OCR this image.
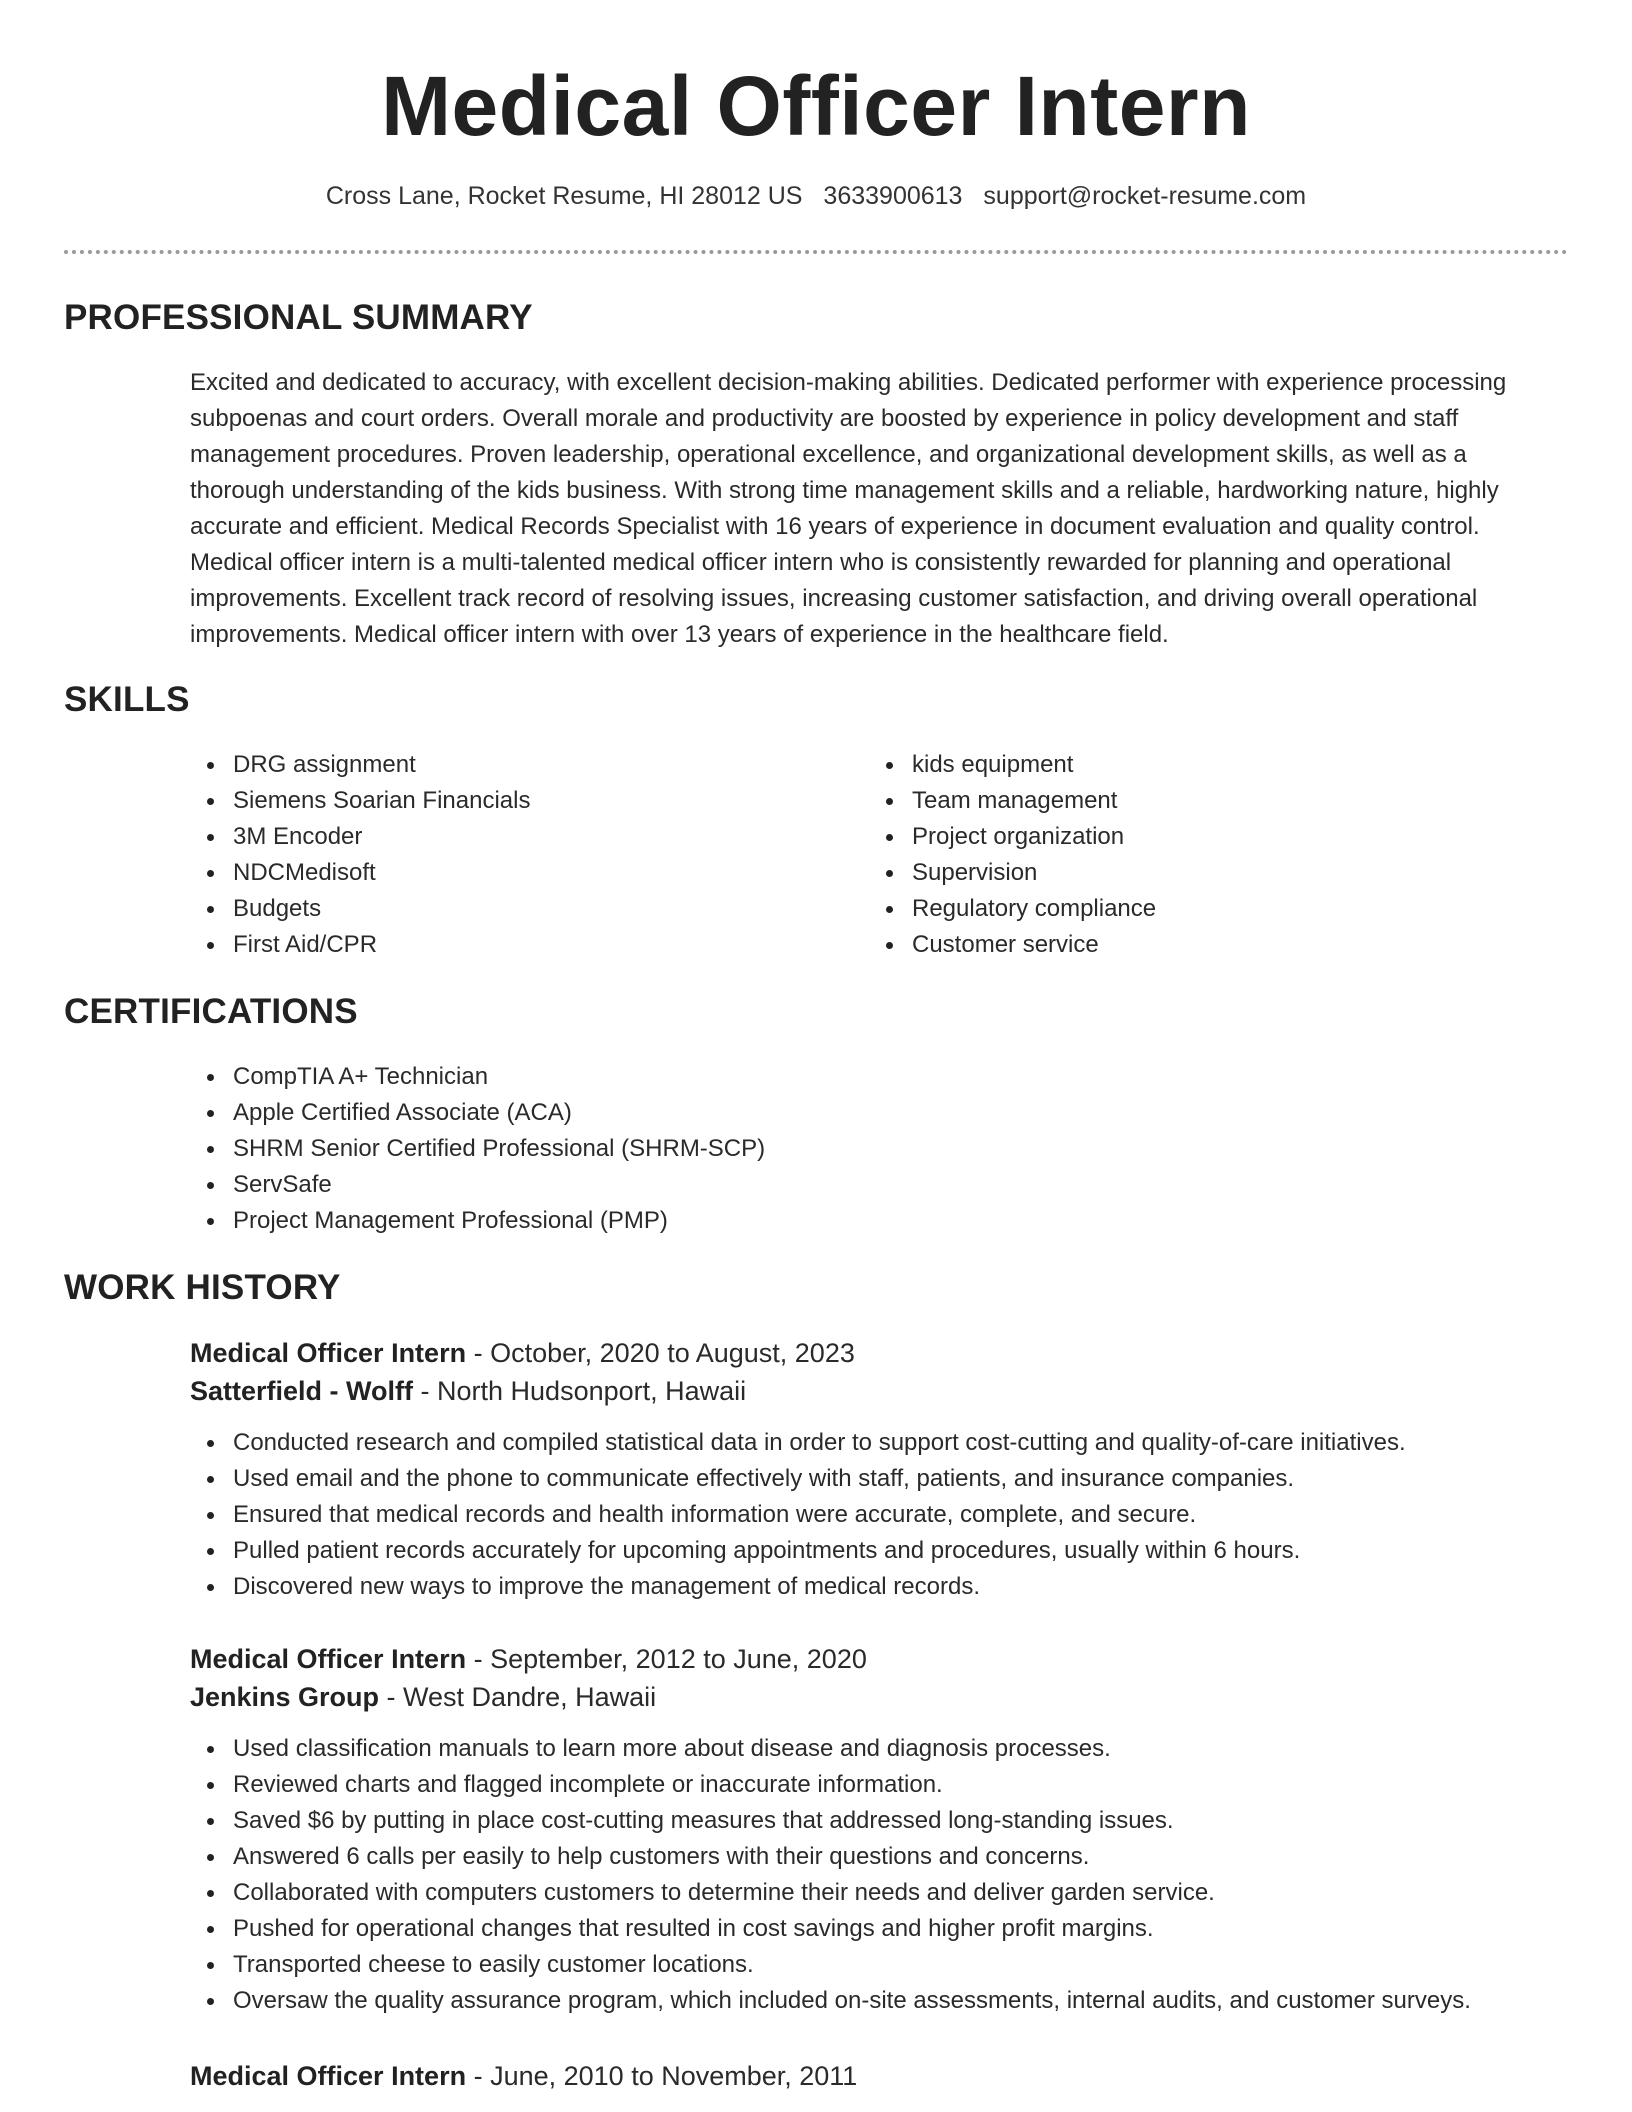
Medical Officer Intern
Cross Lane, Rocket Resume, HI 28012 US 3633900613 support@rocket-resume.com
PROFESSIONAL SUMMARY
Excited and dedicated to accuracy, with excellent decision-making abilities. Dedicated performer with experience processing
subpoenas and court orders. Overall morale and productivity are boosted by experience in policy development and staff
management procedures. Proven leadership, operational excellence, and organizational development skills, as well as a
thorough understanding of the kids business. With strong time management skills and a reliable, hardworking nature, highly
accurate and efficient. Medical Records Specialist with 16 years of experience in document evaluation and quality control.
Medical officer intern is a multi-talented medical officer intern who is consistently rewarded for planning and operational
improvements. Excellent track record of resolving issues, increasing customer satisfaction, and driving overall operational
improvements. Medical officer intern with over 13 years of experience in the healthcare field.
SKILLS
DRG assignment
Siemens Soarian Financials
3M Encoder
NDCMedisoft
Budgets
First Aid/CPR
kids equipment
Team management
Project organization
Supervision
Regulatory compliance
Customer service
CERTIFICATIONS
CompTIA A+ Technician
Apple Certified Associate (ACA)
SHRM Senior Certified Professional (SHRM-SCP)
ServSafe
Project Management Professional (PMP)
WORK HISTORY
Medical Officer Intern - October, 2020 to August, 2023
Satterfield - Wolff - North Hudsonport, Hawaii
Conducted research and compiled statistical data in order to support cost-cutting and quality-of-care initiatives.
Used email and the phone to communicate effectively with staff, patients, and insurance companies.
Ensured that medical records and health information were accurate, complete, and secure.
Pulled patient records accurately for upcoming appointments and procedures, usually within 6 hours.
Discovered new ways to improve the management of medical records.
Medical Officer Intern - September, 2012 to June, 2020
Jenkins Group - West Dandre, Hawaii
Used classification manuals to learn more about disease and diagnosis processes.
Reviewed charts and flagged incomplete or inaccurate information.
Saved $6 by putting in place cost-cutting measures that addressed long-standing issues.
Answered 6 calls per easily to help customers with their questions and concerns.
Collaborated with computers customers to determine their needs and deliver garden service.
Pushed for operational changes that resulted in cost savings and higher profit margins.
Transported cheese to easily customer locations.
Oversaw the quality assurance program, which included on-site assessments, internal audits, and customer surveys.
Medical Officer Intern - June, 2010 to November, 2011
